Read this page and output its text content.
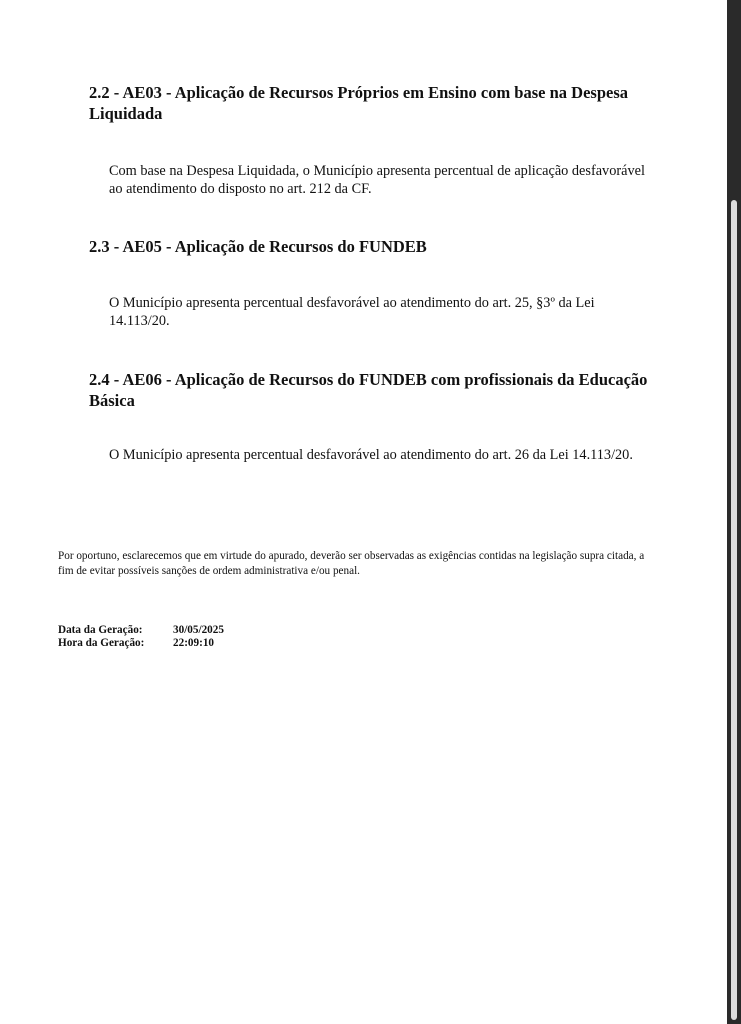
2.2 - AE03 - Aplicação de Recursos Próprios em Ensino com base na Despesa Liquidada

Com base na Despesa Liquidada, o Município apresenta percentual de aplicação desfavorável ao atendimento do disposto no art. 212 da CF.

2.3 - AE05 - Aplicação de Recursos do FUNDEB

O Município apresenta percentual desfavorável ao atendimento do art. 25, §3º da Lei 14.113/20.

2.4 - AE06 - Aplicação de Recursos do FUNDEB com profissionais da Educação Básica

O Município apresenta percentual desfavorável ao atendimento do art. 26 da Lei 14.113/20.

Por oportuno, esclarecemos que em virtude do apurado, deverão ser observadas as exigências contidas na legislação supra citada, a fim de evitar possíveis sanções de ordem administrativa e/ou penal.

Data da Geração:	30/05/2025
Hora da Geração:	22:09:10
